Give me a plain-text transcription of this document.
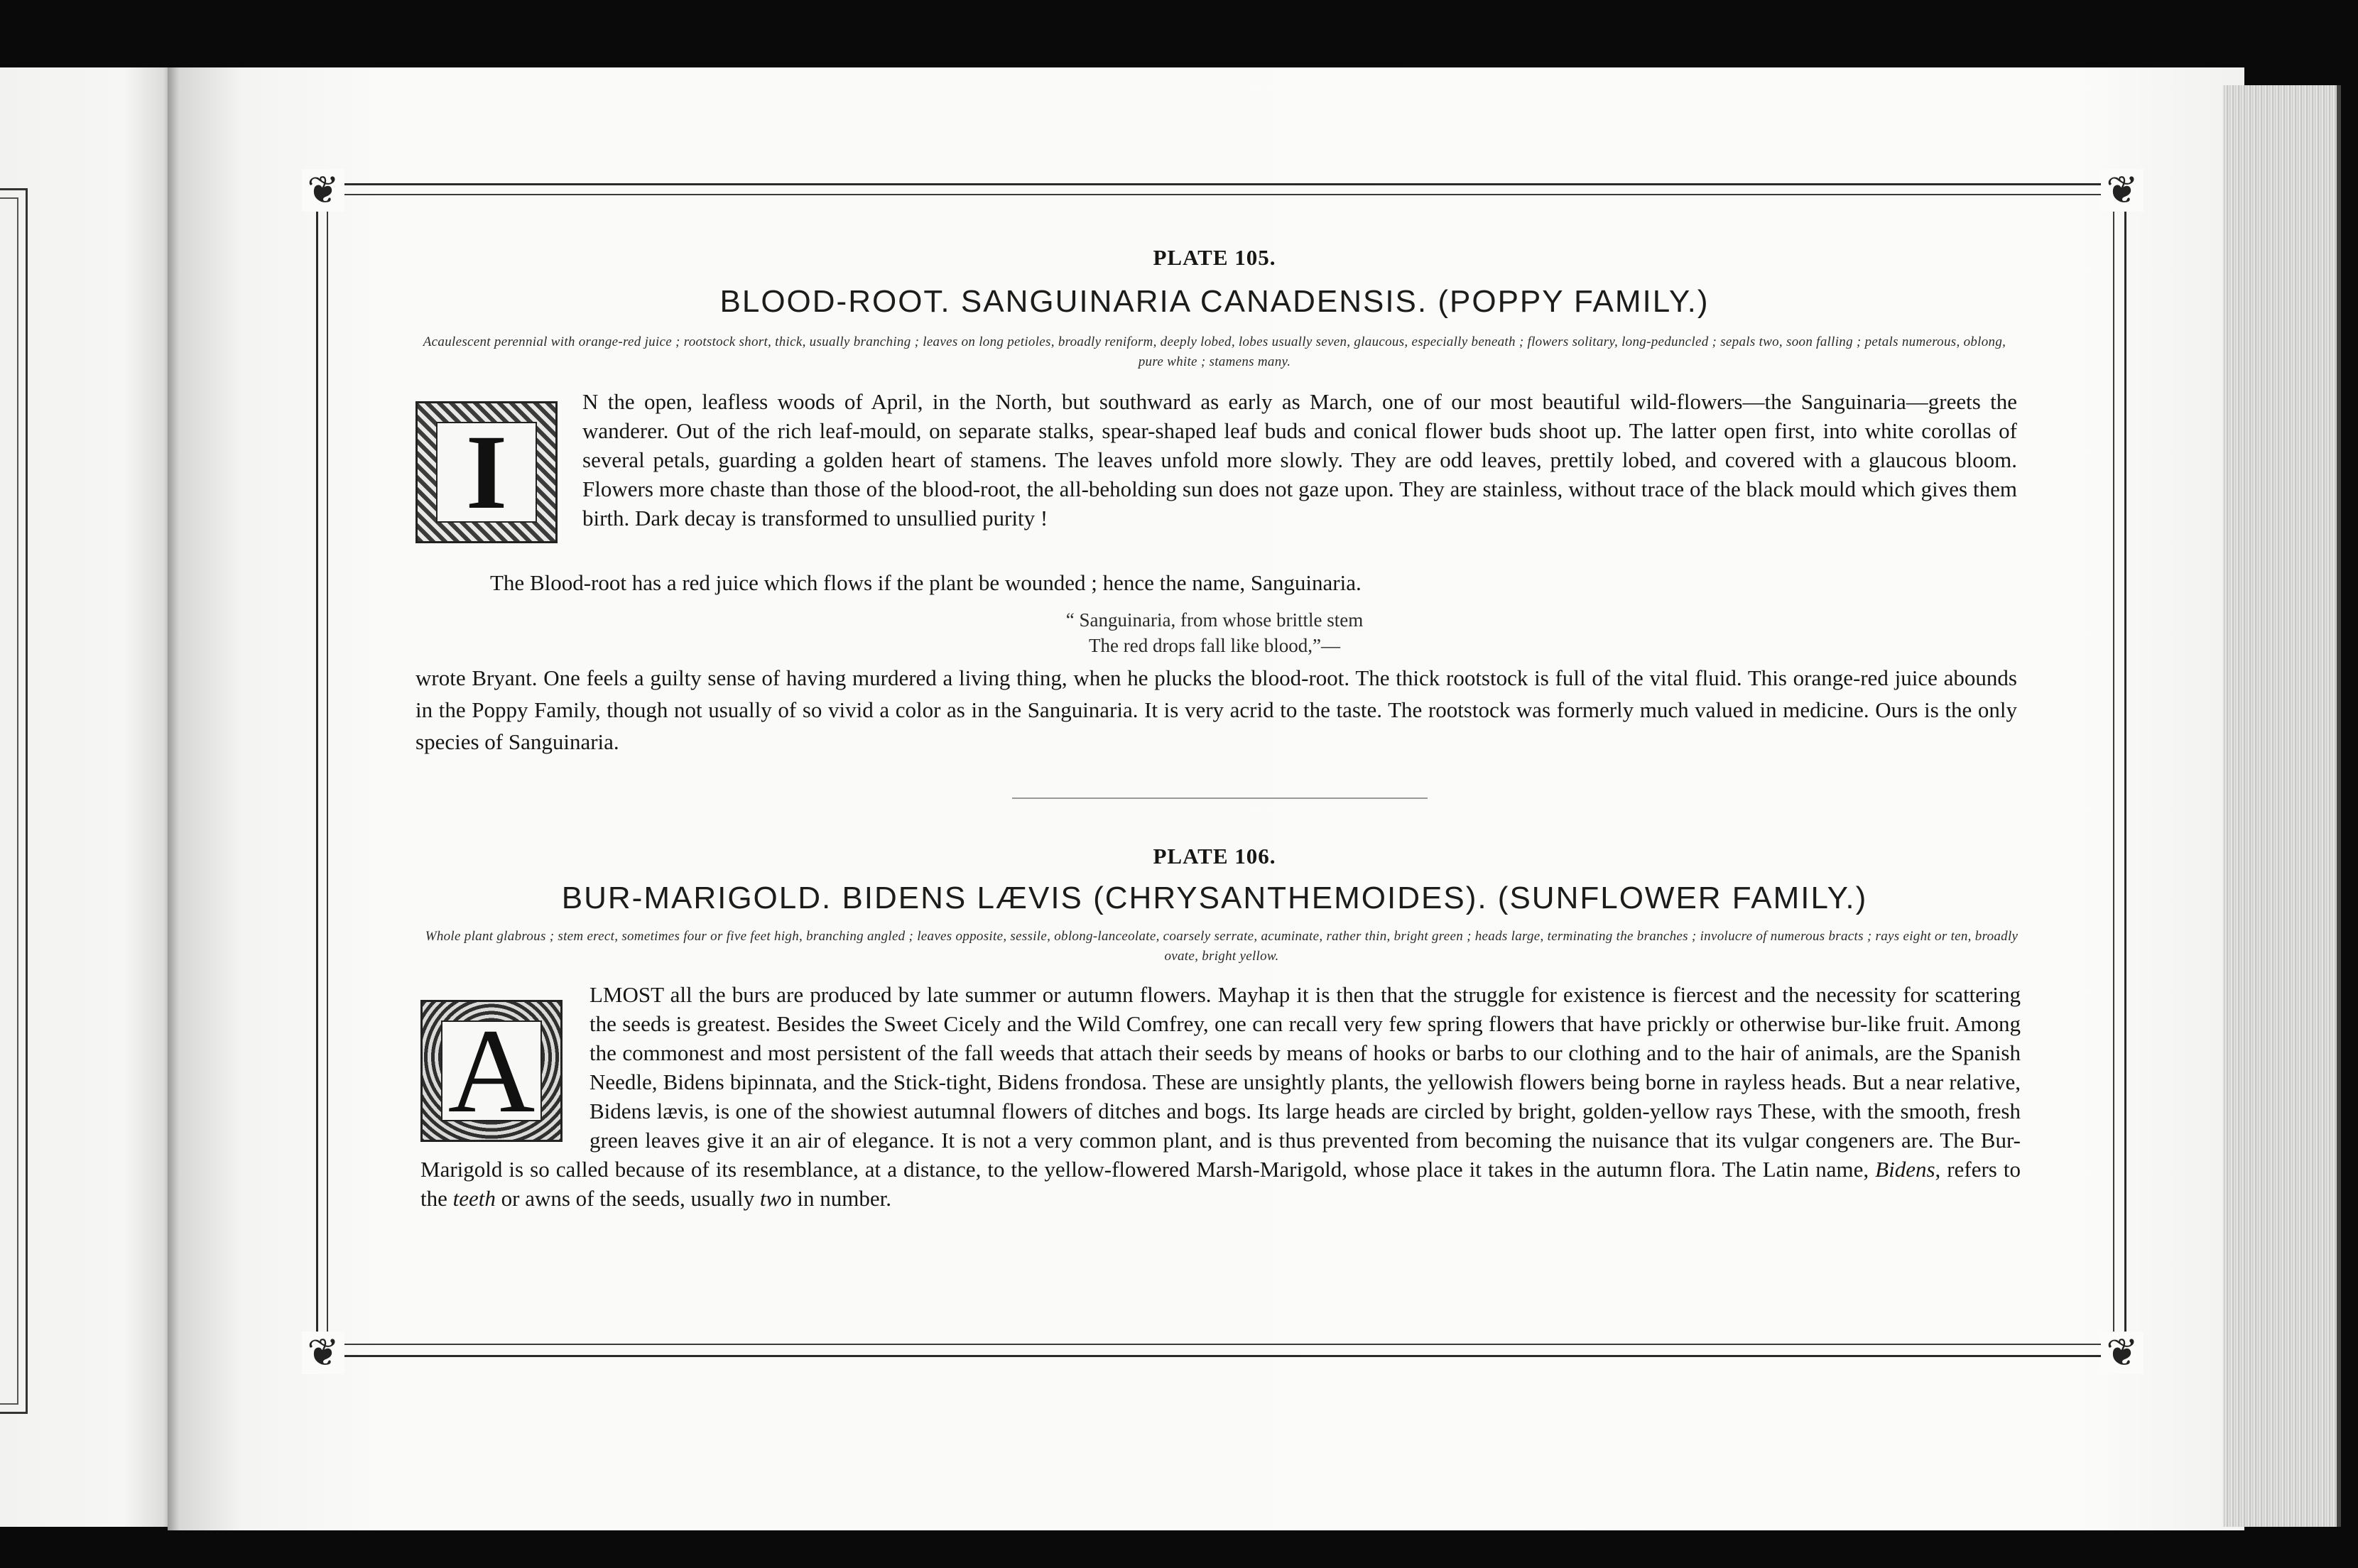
❦	❦
❦	❦
PLATE 105.
BLOOD-ROOT. SANGUINARIA CANADENSIS. (POPPY FAMILY.)
Acaulescent perennial with orange-red juice ; rootstock short, thick, usually branching ; leaves on long petioles, broadly reniform, deeply lobed, lobes usually seven, glaucous, especially beneath ; flowers solitary, long-peduncled ; sepals two, soon falling ; petals numerous, oblong, pure white ; stamens many.
I

N the open, leafless woods of April, in the North, but southward as early as March, one of our most beautiful wild-flowers—the Sanguinaria—greets the wanderer. Out of the rich leaf-mould, on separate stalks, spear-shaped leaf buds and conical flower buds shoot up. The latter open first, into white corollas of several petals, guarding a golden heart of stamens. The leaves unfold more slowly. They are odd leaves, prettily lobed, and covered with a glaucous bloom. Flowers more chaste than those of the blood-root, the all-beholding sun does not gaze upon. They are stainless, without trace of the black mould which gives them birth. Dark decay is transformed to unsullied purity !

The Blood-root has a red juice which flows if the plant be wounded ; hence the name, Sanguinaria.
“ Sanguinaria, from whose brittle stem
The red drops fall like blood,”—
wrote Bryant. One feels a guilty sense of having murdered a living thing, when he plucks the blood-root. The thick rootstock is full of the vital fluid. This orange-red juice abounds in the Poppy Family, though not usually of so vivid a color as in the Sanguinaria. It is very acrid to the taste. The rootstock was formerly much valued in medicine. Ours is the only species of Sanguinaria.
PLATE 106.
BUR-MARIGOLD. BIDENS LÆVIS (CHRYSANTHEMOIDES). (SUNFLOWER FAMILY.)
Whole plant glabrous ; stem erect, sometimes four or five feet high, branching angled ; leaves opposite, sessile, oblong-lanceolate, coarsely serrate, acuminate, rather thin, bright green ; heads large, terminating the branches ; involucre of numerous bracts ; rays eight or ten, broadly ovate, bright yellow.
A

LMOST all the burs are produced by late summer or autumn flowers. Mayhap it is then that the struggle for existence is fiercest and the necessity for scattering the seeds is greatest. Besides the Sweet Cicely and the Wild Comfrey, one can recall very few spring flowers that have prickly or otherwise bur-like fruit. Among the commonest and most persistent of the fall weeds that attach their seeds by means of hooks or barbs to our clothing and to the hair of animals, are the Spanish Needle, Bidens bipinnata, and the Stick-tight, Bidens frondosa. These are unsightly plants, the yellowish flowers being borne in rayless heads. But a near relative, Bidens lævis, is one of the showiest autumnal flowers of ditches and bogs. Its large heads are circled by bright, golden-yellow rays These, with the smooth, fresh green leaves give it an air of elegance. It is not a very common plant, and is thus prevented from becoming the nuisance that its vulgar congeners are. The Bur-Marigold is so called because of its resemblance, at a distance, to the yellow-flowered Marsh-Marigold, whose place it takes in the autumn flora. The Latin name, Bidens, refers to the teeth or awns of the seeds, usually two in number.
